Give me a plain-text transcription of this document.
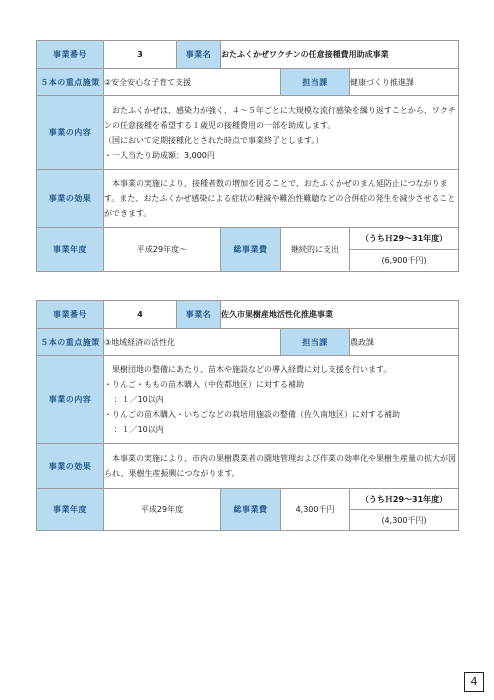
事業番号	3	事業名	おたふくかぜワクチンの任意接種費用助成事業		
５本の重点施策	②安全安心な子育て支援			担当課	健康づくり推進課
事業の内容	おたふくかぜは、感染力が強く、４～５年ごとに大規模な流行感染を繰り返すことから、ワクチンの任意接種を希望する１歳児の接種費用の一部を助成します。

（国において定期接種化とされた時点で事業終了とします。）

・一人当たり助成額：3,000円				

事業の効果	本事業の実施により、接種者数の増加を図ることで、おたふくかぜのまん延防止につながります。また、おたふくかぜ感染による症状の軽減や難治性難聴などの合併症の発生を減少させることができます。				

事業年度	平成29年度～		総事業費	継続的に支出	（うちＨ29～31年度）
					(6,900千円)
事業番号	4	事業名	佐久市果樹産地活性化推進事業		
５本の重点施策	③地域経済の活性化			担当課	農政課
事業の内容	果樹団地の整備にあたり、苗木や施設などの導入経費に対し支援を行います。

・りんご・ももの苗木購入（中佐都地区）に対する補助

：１／10以内

・りんごの苗木購入・いちごなどの栽培用施設の整備（佐久南地区）に対する補助

：１／10以内				

事業の効果	本事業の実施により、市内の果樹農業者の園地管理および作業の効率化や果樹生産量の拡大が図られ、果樹生産振興につながります。				

事業年度	平成29年度		総事業費	4,300千円	（うちＨ29～31年度）
					(4,300千円)
4
